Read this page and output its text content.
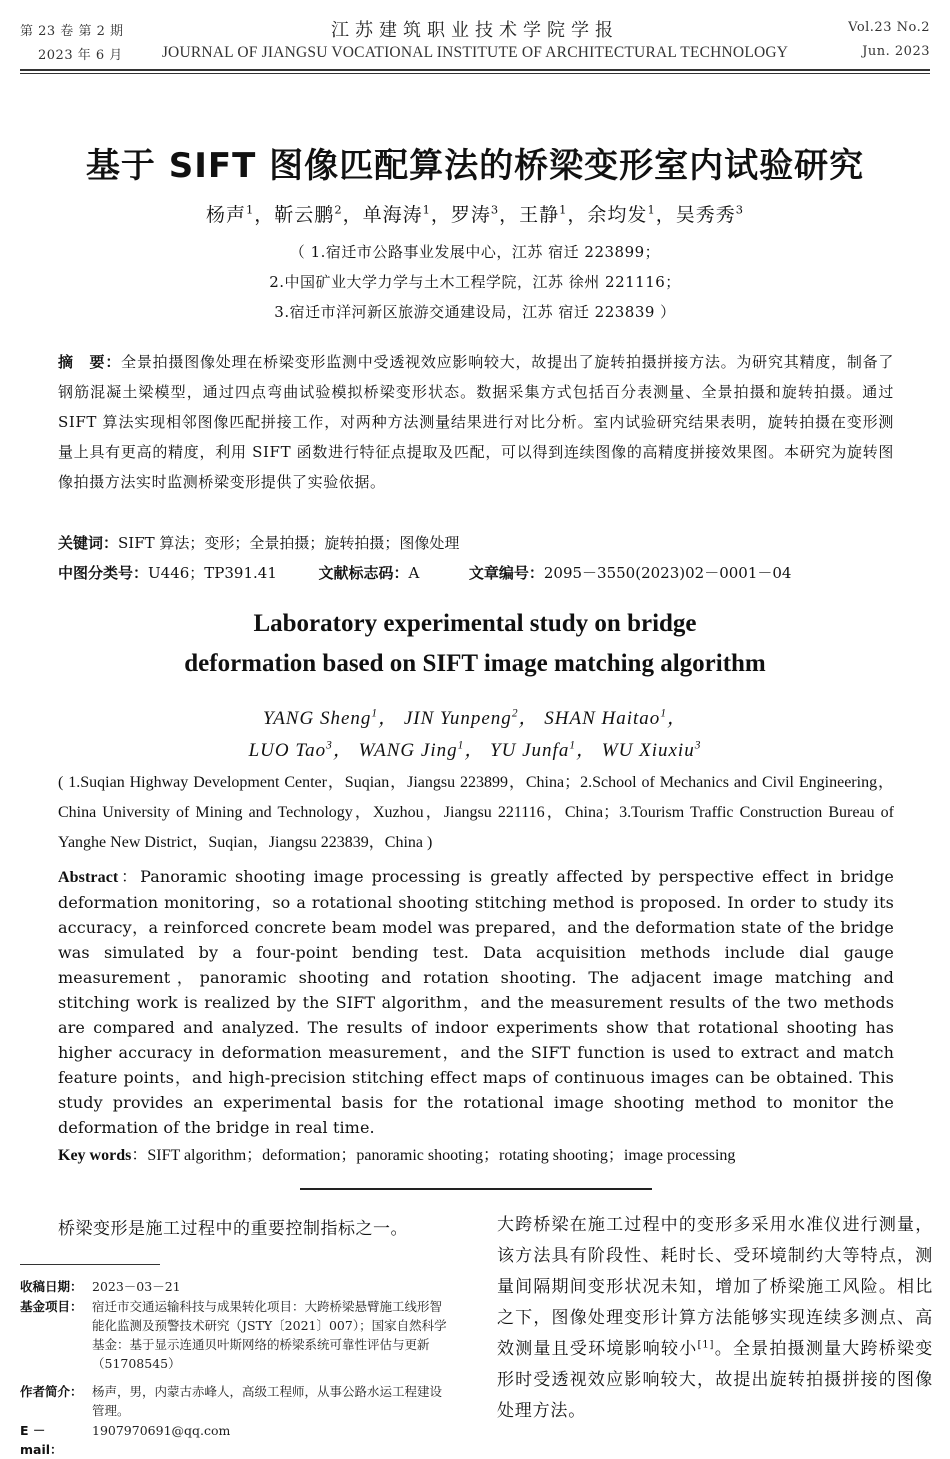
第 23 卷 第 2 期
2023 年 6 月
江苏建筑职业技术学院学报
JOURNAL OF JIANGSU VOCATIONAL INSTITUTE OF ARCHITECTURAL TECHNOLOGY
Vol.23 No.2
Jun. 2023
基于 SIFT 图像匹配算法的桥梁变形室内试验研究
杨声$^1$，靳云鹏$^2$，单海涛$^1$，罗涛$^3$，王静$^1$，余均发$^1$，吴秀秀$^3$
（ 1.宿迁市公路事业发展中心，江苏 宿迁 223899；
2.中国矿业大学力学与土木工程学院，江苏 徐州 221116；
3.宿迁市洋河新区旅游交通建设局，江苏 宿迁 223839 ）
摘　要：全景拍摄图像处理在桥梁变形监测中受透视效应影响较大，故提出了旋转拍摄拼接方法。为研究其精度，制备了钢筋混凝土梁模型，通过四点弯曲试验模拟桥梁变形状态。数据采集方式包括百分表测量、全景拍摄和旋转拍摄。通过 SIFT 算法实现相邻图像匹配拼接工作，对两种方法测量结果进行对比分析。室内试验研究结果表明，旋转拍摄在变形测量上具有更高的精度，利用 SIFT 函数进行特征点提取及匹配，可以得到连续图像的高精度拼接效果图。本研究为旋转图像拍摄方法实时监测桥梁变形提供了实验依据。
关键词：SIFT 算法；变形；全景拍摄；旋转拍摄；图像处理
中图分类号：U446；TP391.41	文献标志码：A	文章编号：2095－3550(2023)02－0001－04
Laboratory experimental study on bridge
deformation based on SIFT image matching algorithm
YANG Sheng$^1$， JIN Yunpeng$^2$， SHAN Haitao$^1$，
LUO Tao$^3$， WANG Jing$^1$， YU Junfa$^1$， WU Xiuxiu$^3$
( 1.Suqian Highway Development Center，Suqian，Jiangsu 223899，China；2.School of Mechanics and Civil Engineering，China University of Mining and Technology，Xuzhou，Jiangsu 221116，China；3.Tourism Traffic Construction Bureau of Yanghe New District，Suqian，Jiangsu 223839，China )
Abstract：Panoramic shooting image processing is greatly affected by perspective effect in bridge deformation monitoring，so a rotational shooting stitching method is proposed. In order to study its accuracy，a reinforced concrete beam model was prepared，and the deformation state of the bridge was simulated by a four-point bending test. Data acquisition methods include dial gauge measurement，panoramic shooting and rotation shooting. The adjacent image matching and stitching work is realized by the SIFT algorithm，and the measurement results of the two methods are compared and analyzed. The results of indoor experiments show that rotational shooting has higher accuracy in deformation measurement，and the SIFT function is used to extract and match feature points，and high-precision stitching effect maps of continuous images can be obtained. This study provides an experimental basis for the rotational image shooting method to monitor the deformation of the bridge in real time.
Key words：SIFT algorithm；deformation；panoramic shooting；rotating shooting；image processing
桥梁变形是施工过程中的重要控制指标之一。	大跨桥梁在施工过程中的变形多采用水准仪进行测量，该方法具有阶段性、耗时长、受环境制约大等特点，测量间隔期间变形状况未知，增加了桥梁施工风险。相比之下，图像处理变形计算方法能够实现连续多测点、高效测量且受环境影响较小[1]。全景拍摄测量大跨桥梁变形时受透视效应影响较大，故提出旋转拍摄拼接的图像处理方法。
收稿日期： 2023－03－21
基金项目： 宿迁市交通运输科技与成果转化项目：大跨桥梁悬臂施工线形智能化监测及预警技术研究（JSTY〔2021〕007）；国家自然科学基金：基于显示连通贝叶斯网络的桥梁系统可靠性评估与更新（51708545）
作者简介： 杨声，男，内蒙古赤峰人，高级工程师，从事公路水运工程建设管理。
E － mail：1907970691@qq.com
